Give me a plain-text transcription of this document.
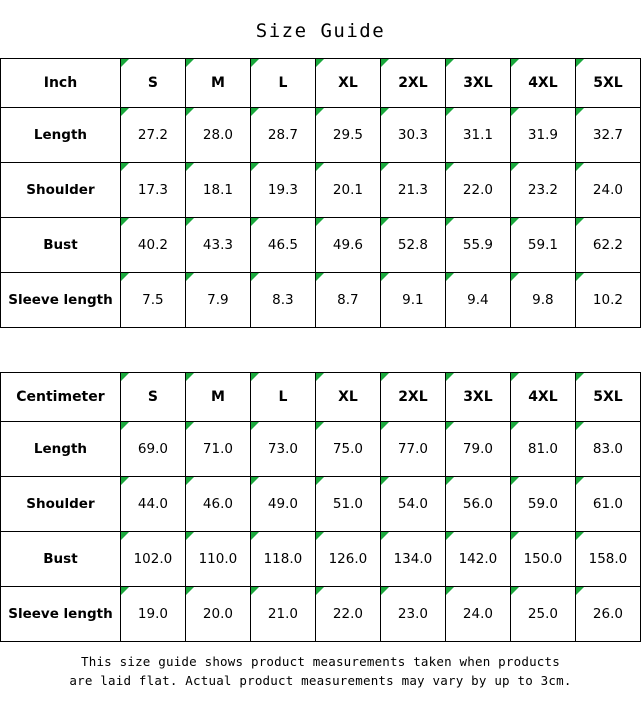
Size Guide
Inch	S	M	L	XL	2XL	3XL	4XL	5XL
Length	27.2	28.0	28.7	29.5	30.3	31.1	31.9	32.7
Shoulder	17.3	18.1	19.3	20.1	21.3	22.0	23.2	24.0
Bust	40.2	43.3	46.5	49.6	52.8	55.9	59.1	62.2
Sleeve length	7.5	7.9	8.3	8.7	9.1	9.4	9.8	10.2
Centimeter	S	M	L	XL	2XL	3XL	4XL	5XL
Length	69.0	71.0	73.0	75.0	77.0	79.0	81.0	83.0
Shoulder	44.0	46.0	49.0	51.0	54.0	56.0	59.0	61.0
Bust	102.0	110.0	118.0	126.0	134.0	142.0	150.0	158.0
Sleeve length	19.0	20.0	21.0	22.0	23.0	24.0	25.0	26.0
This size guide shows product measurements taken when products
are laid flat. Actual product measurements may vary by up to 3cm.
